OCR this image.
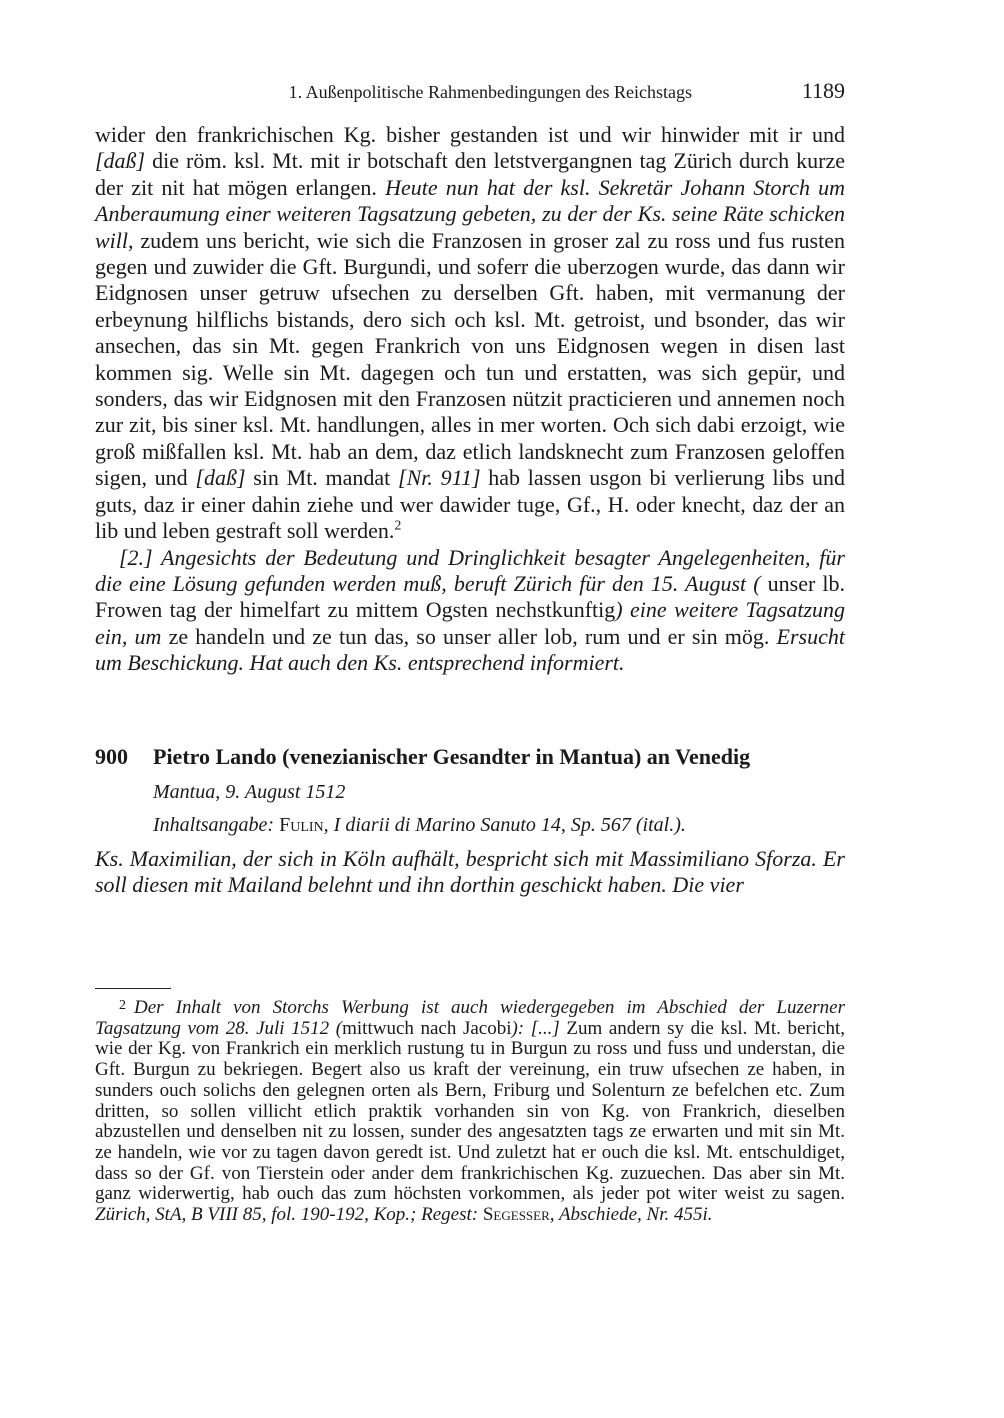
1. Außenpolitische Rahmenbedingungen des Reichstags	1189

wider den frankrichischen Kg. bisher gestanden ist und wir hinwider mit ir und [daß] die röm. ksl. Mt. mit ir botschaft den letstvergangnen tag Zürich durch kurze der zit nit hat mögen erlangen. Heute nun hat der ksl. Sekretär Johann Storch um Anberaumung einer weiteren Tagsatzung gebeten, zu der der Ks. seine Räte schicken will, zudem uns bericht, wie sich die Franzosen in groser zal zu ross und fus rusten gegen und zuwider die Gft. Burgundi, und soferr die uberzogen wurde, das dann wir Eidgnosen unser getruw ufsechen zu derselben Gft. haben, mit vermanung der erbeynung hilflichs bistands, dero sich och ksl. Mt. getroist, und bsonder, das wir ansechen, das sin Mt. gegen Frankrich von uns Eidgnosen wegen in disen last kommen sig. Welle sin Mt. dagegen och tun und erstatten, was sich gepür, und sonders, das wir Eidgnosen mit den Franzosen nützit practicieren und annemen noch zur zit, bis siner ksl. Mt. handlungen, alles in mer worten. Och sich dabi erzoigt, wie groß mißfallen ksl. Mt. hab an dem, daz etlich landsknecht zum Franzosen geloffen sigen, und [daß] sin Mt. mandat [Nr. 911] hab lassen usgon bi verlierung libs und guts, daz ir einer dahin ziehe und wer dawider tuge, Gf., H. oder knecht, daz der an lib und leben gestraft soll werden.$^2$

[2.] Angesichts der Bedeutung und Dringlichkeit besagter Angelegenheiten, für die eine Lösung gefunden werden muß, beruft Zürich für den 15. August ( unser lb. Frowen tag der himelfart zu mittem Ogsten nechstkunftig) eine weitere Tagsatzung ein, um ze handeln und ze tun das, so unser aller lob, rum und er sin mög. Ersucht um Beschickung. Hat auch den Ks. entsprechend informiert.

900 Pietro Lando (venezianischer Gesandter in Mantua) an Venedig
Mantua, 9. August 1512
Inhaltsangabe: Fulin, I diarii di Marino Sanuto 14, Sp. 567 (ital.).

Ks. Maximilian, der sich in Köln aufhält, bespricht sich mit Massimiliano Sforza. Er soll diesen mit Mailand belehnt und ihn dorthin geschickt haben. Die vier

$^2$ Der Inhalt von Storchs Werbung ist auch wiedergegeben im Abschied der Luzerner Tagsatzung vom 28. Juli 1512 (mittwuch nach Jacobi): [...] Zum andern sy die ksl. Mt. bericht, wie der Kg. von Frankrich ein merklich rustung tu in Burgun zu ross und fuss und understan, die Gft. Burgun zu bekriegen. Begert also us kraft der vereinung, ein truw ufsechen ze haben, in sunders ouch solichs den gelegnen orten als Bern, Friburg und Solenturn ze befelchen etc. Zum dritten, so sollen villicht etlich praktik vorhanden sin von Kg. von Frankrich, dieselben abzustellen und denselben nit zu lossen, sunder des angesatzten tags ze erwarten und mit sin Mt. ze handeln, wie vor zu tagen davon geredt ist. Und zuletzt hat er ouch die ksl. Mt. entschuldiget, dass so der Gf. von Tierstein oder ander dem frankrichischen Kg. zuzuechen. Das aber sin Mt. ganz widerwertig, hab ouch das zum höchsten vorkommen, als jeder pot witer weist zu sagen. Zürich, StA, B VIII 85, fol. 190-192, Kop.; Regest: Segesser, Abschiede, Nr. 455i.
